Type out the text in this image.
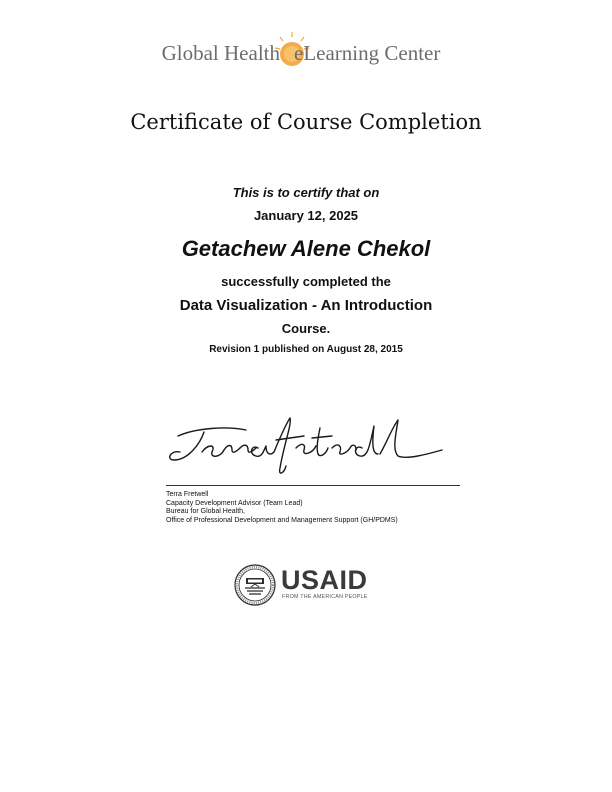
Global Health eLearning Center
Certificate of Course Completion
This is to certify that on
January 12, 2025
Getachew Alene Chekol
successfully completed the
Data Visualization - An Introduction
Course.
Revision 1 published on August 28, 2015
Terra Fretwell
Capacity Development Advisor (Team Lead)
Bureau for Global Health,
Office of Professional Development and Management Support (GH/PDMS)
USAID
FROM THE AMERICAN PEOPLE
